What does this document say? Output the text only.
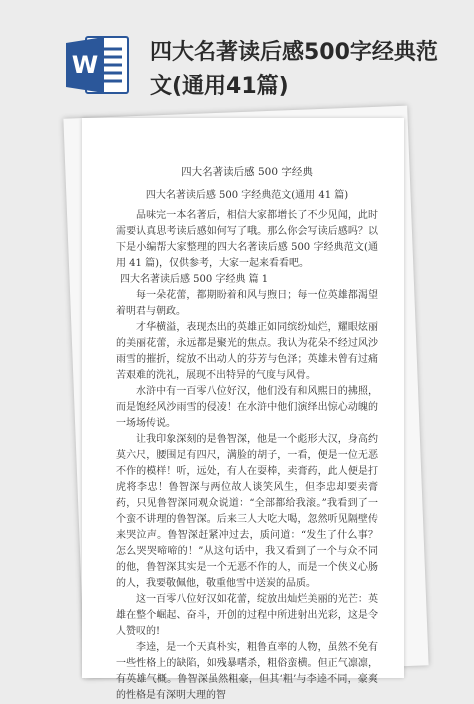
W 四大名著读后感500字经典范文(通用41篇)
四大名著读后感 500 字经典
四大名著读后感 500 字经典范文(通用 41 篇)

品味完一本名著后，相信大家都增长了不少见闻，此时需要认真思考读后感如何写了哦。那么你会写读后感吗？以下是小编帮大家整理的四大名著读后感 500 字经典范文(通用 41 篇)，仅供参考，大家一起来看看吧。

四大名著读后感 500 字经典 篇 1

每一朵花蕾，都期盼着和风与煦日；每一位英雄都渴望着明君与朝政。

才华横溢，表现杰出的英雄正如同缤纷灿烂，耀眼炫丽的美丽花蕾，永远都是聚光的焦点。我认为花朵不经过风沙雨雪的摧折，绽放不出动人的芬芳与色泽；英雄未曾有过痛苦艰难的洗礼，展现不出特异的气度与风骨。

水浒中有一百零八位好汉，他们没有和风熙日的拂照，而是饱经风沙雨雪的侵凌！在水浒中他们演绎出惊心动魄的一场场传说。

让我印象深刻的是鲁智深，他是一个彪形大汉，身高约莫六尺，腰围足有四尺，满脸的胡子，一看，便是一位无恶不作的模样！听，远处，有人在耍棒，卖膏药，此人便是打虎将李忠！鲁智深与两位故人谈笑风生，但李忠却要卖膏药，只见鲁智深同观众说道：“全部都给我滚。”我看到了一个蛮不讲理的鲁智深。后来三人大吃大喝，忽然听见隔壁传来哭泣声。鲁智深赶紧冲过去，质问道：“发生了什么事？怎么哭哭啼啼的！”从这句话中，我又看到了一个与众不同的他，鲁智深其实是一个无恶不作的人，而是一个侠义心肠的人，我要敬佩他，敬重他雪中送炭的品质。

这一百零八位好汉如花蕾，绽放出灿烂美丽的光芒：英雄在整个崛起、奋斗，开创的过程中所进射出光彩，这是令人赞叹的!

李逵，是一个天真朴实，粗鲁直率的人物，虽然不免有一些性格上的缺陷，如残暴嗜杀，粗俗蛮横。但正气凛凛，有英雄气概。鲁智深虽然粗豪，但其‘粗’与李逵不同，豪爽的性格是有深明大理的智
